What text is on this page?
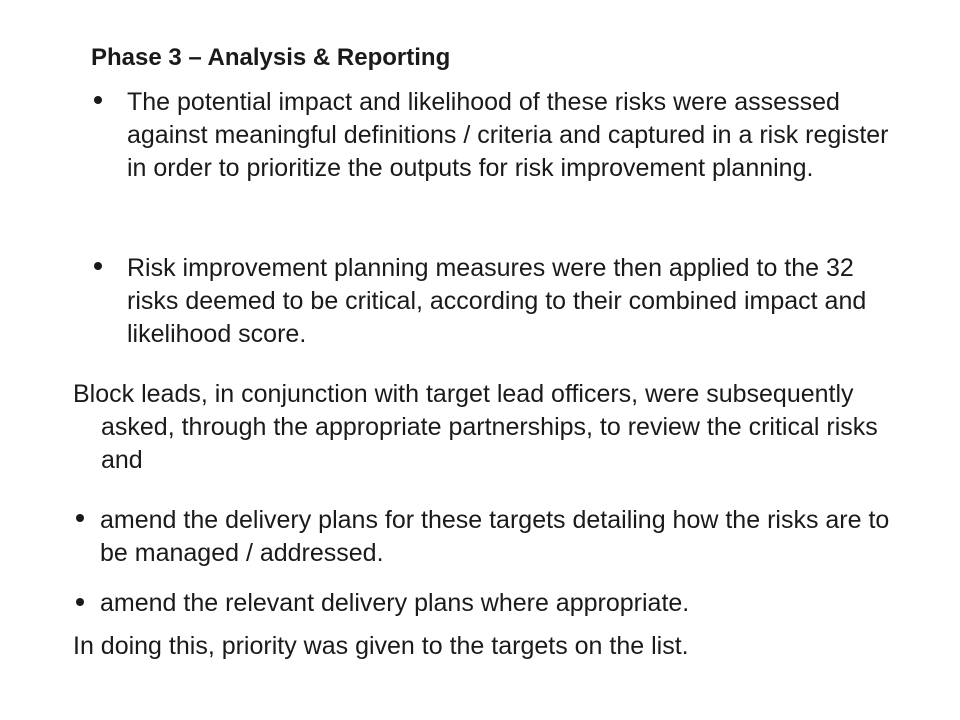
Phase 3 – Analysis & Reporting
The potential impact and likelihood of these risks were assessed against meaningful definitions / criteria and captured in a risk register in order to prioritize the outputs for risk improvement planning.
Risk improvement planning measures were then applied to the 32 risks deemed to be critical, according to their combined impact and likelihood score.
Block leads, in conjunction with target lead officers, were subsequently asked, through the appropriate partnerships, to review the critical risks and
amend the delivery plans for these targets detailing how the risks are to be managed / addressed.
amend the relevant delivery plans where appropriate.
In doing this, priority was given to the targets on the list.
